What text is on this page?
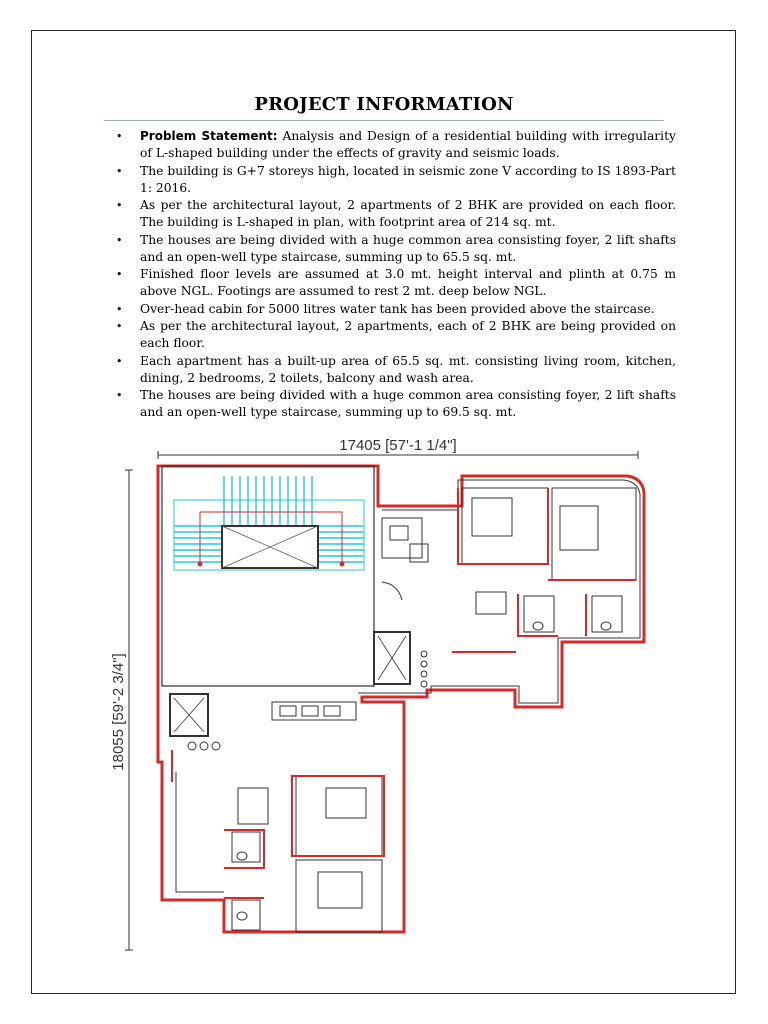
PROJECT INFORMATION
• Problem Statement: Analysis and Design of a residential building with irregularity of L-shaped building under the effects of gravity and seismic loads.
• The building is G+7 storeys high, located in seismic zone V according to IS 1893-Part 1: 2016.
• As per the architectural layout, 2 apartments of 2 BHK are provided on each floor. The building is L-shaped in plan, with footprint area of 214 sq. mt.
• The houses are being divided with a huge common area consisting foyer, 2 lift shafts and an open-well type staircase, summing up to 65.5 sq. mt.
• Finished floor levels are assumed at 3.0 mt. height interval and plinth at 0.75 m above NGL. Footings are assumed to rest 2 mt. deep below NGL.
• Over-head cabin for 5000 litres water tank has been provided above the staircase.
• As per the architectural layout, 2 apartments, each of 2 BHK are being provided on each floor.
• Each apartment has a built-up area of 65.5 sq. mt. consisting living room, kitchen, dining, 2 bedrooms, 2 toilets, balcony and wash area.
• The houses are being divided with a huge common area consisting foyer, 2 lift shafts and an open-well type staircase, summing up to 69.5 sq. mt.
17405 [57'-1 1/4"]
18055 [59'-2 3/4"]
